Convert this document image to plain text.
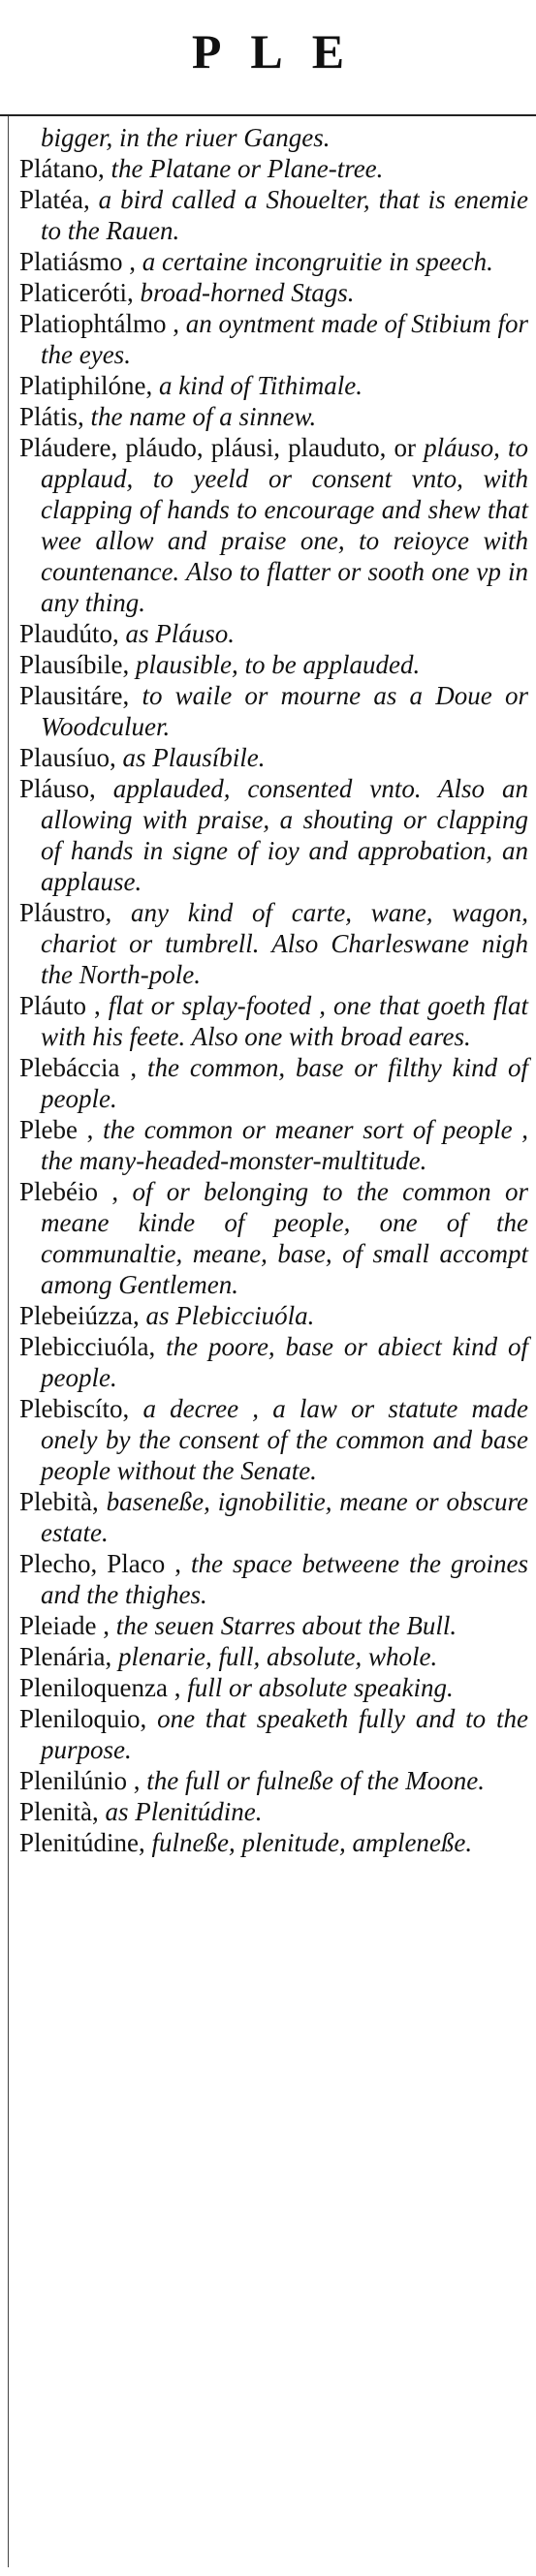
PLE

bigger, in the riuer Ganges.

Plátano, the Platane or Plane-tree.

Platéa, a bird called a Shouelter, that is enemie to the Rauen.

Platiásmo , a certaine incongruitie in speech.

Platiceróti, broad-horned Stags.

Platiophtálmo , an oyntment made of Stibium for the eyes.

Platiphilóne, a kind of Tithimale.

Plátis, the name of a sinnew.

Pláudere, pláudo, pláusi, plauduto, or pláuso, to applaud, to yeeld or consent vnto, with clapping of hands to encourage and shew that wee allow and praise one, to reioyce with countenance. Also to flatter or sooth one vp in any thing.

Plaudúto, as Pláuso.

Plausíbile, plausible, to be applauded.

Plausitáre, to waile or mourne as a Doue or Woodculuer.

Plausíuo, as Plausíbile.

Pláuso, applauded, consented vnto. Also an allowing with praise, a shouting or clapping of hands in signe of ioy and approbation, an applause.

Pláustro, any kind of carte, wane, wagon, chariot or tumbrell. Also Charleswane nigh the North-pole.

Pláuto , flat or splay-footed , one that goeth flat with his feete. Also one with broad eares.

Plebáccia , the common, base or filthy kind of people.

Plebe , the common or meaner sort of people , the many-headed-monster-multitude.

Plebéio , of or belonging to the common or meane kinde of people, one of the communaltie, meane, base, of small accompt among Gentlemen.

Plebeiúzza, as Plebicciuóla.

Plebicciuóla, the poore, base or abiect kind of people.

Plebiscíto, a decree , a law or statute made onely by the consent of the common and base people without the Senate.

Plebità, baseneße, ignobilitie, meane or obscure estate.

Plecho, Placo , the space betweene the groines and the thighes.

Pleiade , the seuen Starres about the Bull.

Plenária, plenarie, full, absolute, whole.

Pleniloquenza , full or absolute speaking.

Pleniloquio, one that speaketh fully and to the purpose.

Plenilúnio , the full or fulneße of the Moone.

Plenità, as Plenitúdine.

Plenitúdine, fulneße, plenitude, ampleneße.
